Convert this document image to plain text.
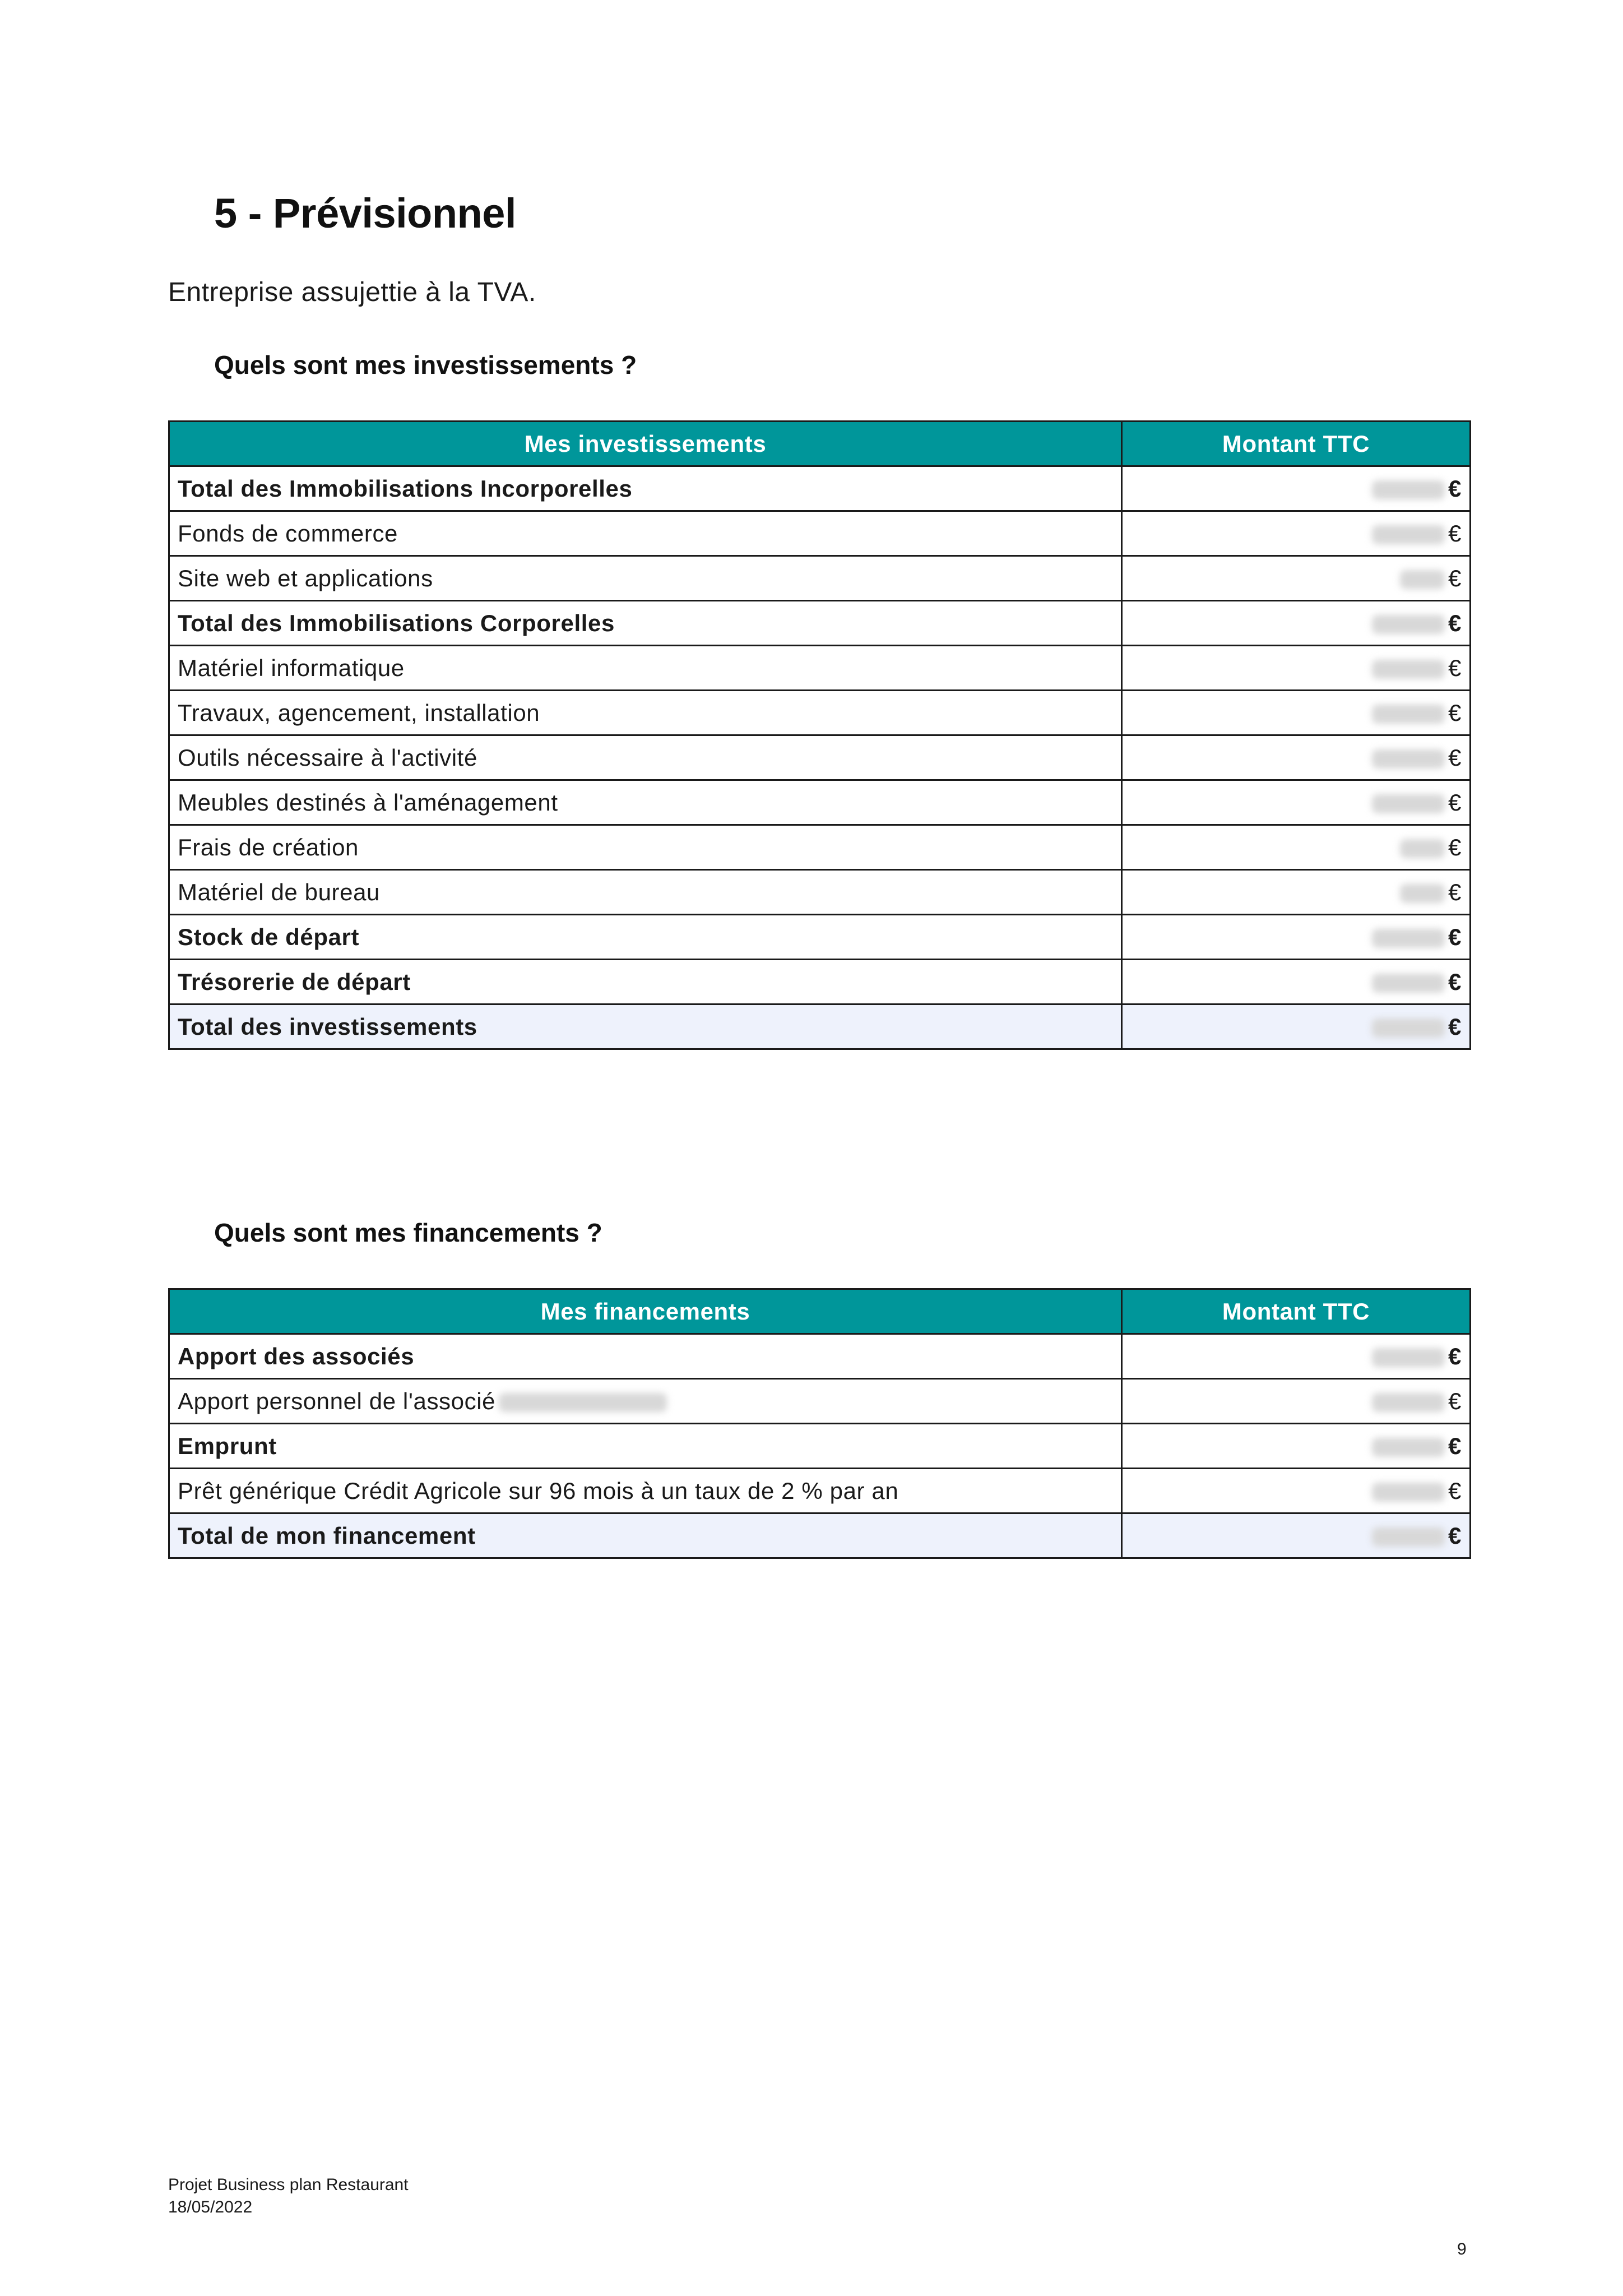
5 - Prévisionnel
Entreprise assujettie à la TVA.
Quels sont mes investissements ?
Mes investissements	Montant TTC
Total des Immobilisations Incorporelles	€
Fonds de commerce	€
Site web et applications	€
Total des Immobilisations Corporelles	€
Matériel informatique	€
Travaux, agencement, installation	€
Outils nécessaire à l'activité	€
Meubles destinés à l'aménagement	€
Frais de création	€
Matériel de bureau	€
Stock de départ	€
Trésorerie de départ	€
Total des investissements	€
Quels sont mes financements ?
Mes financements	Montant TTC
Apport des associés	€
Apport personnel de l'associé	€
Emprunt	€
Prêt générique Crédit Agricole sur 96 mois à un taux de 2 % par an	€
Total de mon financement	€
Projet Business plan Restaurant
18/05/2022
9
